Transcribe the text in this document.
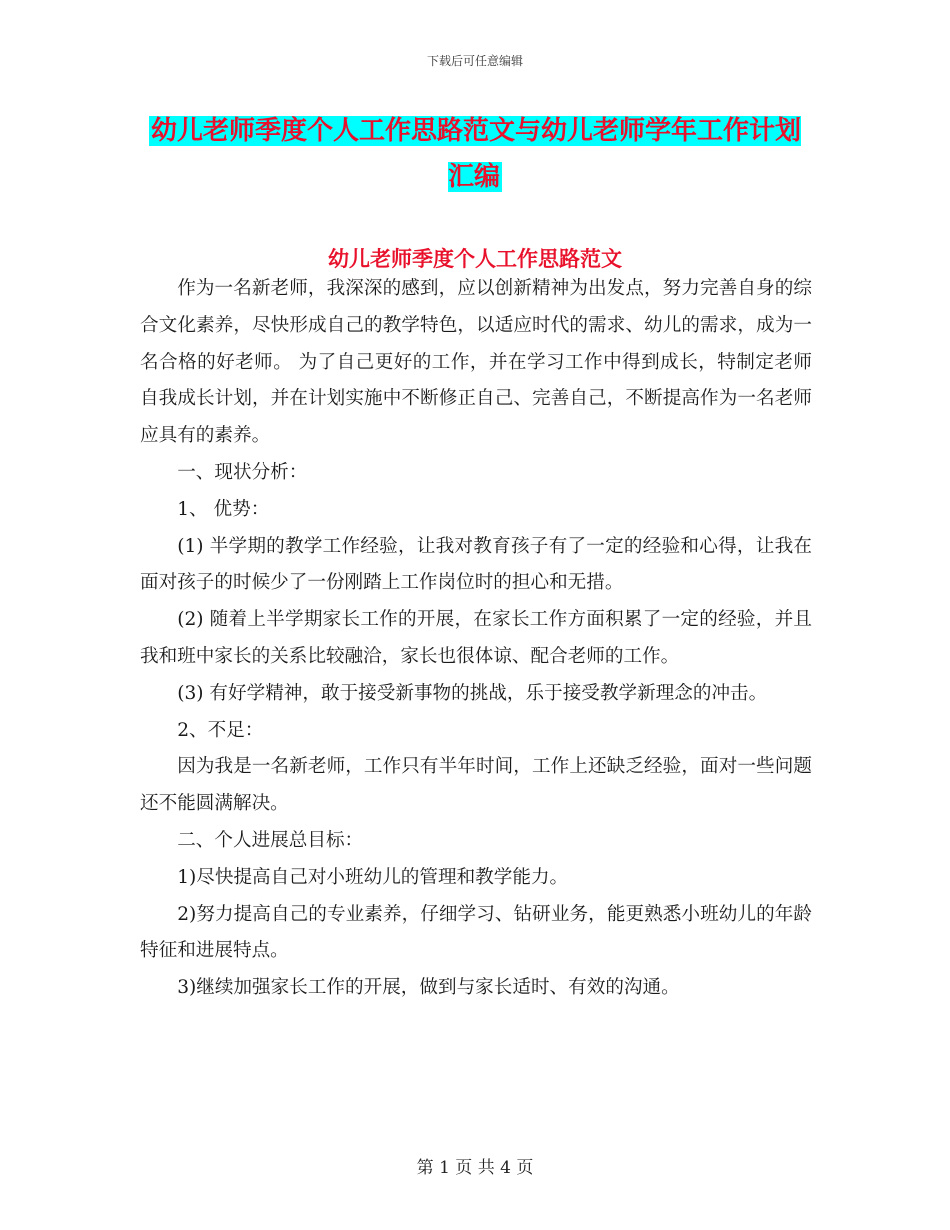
下载后可任意编辑
幼儿老师季度个人工作思路范文与幼儿老师学年工作计划汇编
幼儿老师季度个人工作思路范文

作为一名新老师，我深深的感到，应以创新精神为出发点，努力完善自身的综合文化素养，尽快形成自己的教学特色，以适应时代的需求、幼儿的需求，成为一名合格的好老师。 为了自己更好的工作，并在学习工作中得到成长，特制定老师自我成长计划，并在计划实施中不断修正自己、完善自己，不断提高作为一名老师应具有的素养。

一、现状分析：

1、 优势：

(1) 半学期的教学工作经验，让我对教育孩子有了一定的经验和心得，让我在面对孩子的时候少了一份刚踏上工作岗位时的担心和无措。

(2) 随着上半学期家长工作的开展，在家长工作方面积累了一定的经验，并且我和班中家长的关系比较融洽，家长也很体谅、配合老师的工作。

(3) 有好学精神，敢于接受新事物的挑战，乐于接受教学新理念的冲击。

2、不足：

因为我是一名新老师，工作只有半年时间，工作上还缺乏经验，面对一些问题还不能圆满解决。

二、个人进展总目标：

1)尽快提高自己对小班幼儿的管理和教学能力。

2)努力提高自己的专业素养，仔细学习、钻研业务，能更熟悉小班幼儿的年龄特征和进展特点。

3)继续加强家长工作的开展，做到与家长适时、有效的沟通。

第 1 页 共 4 页
